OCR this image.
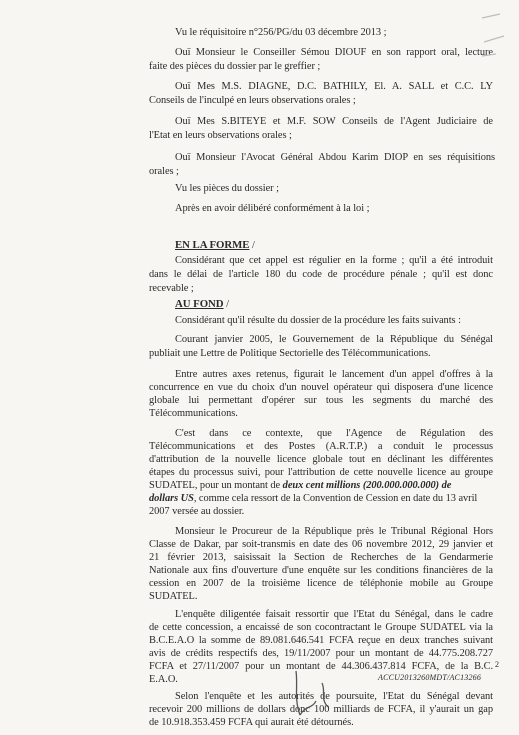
Vu le réquisitoire n°256/PG/du 03 décembre 2013 ;
Ouï Monsieur le Conseiller Sémou DIOUF en son rapport oral, lecture
faite des pièces du dossier par le greffier ;
Ouï Mes M.S. DIAGNE, D.C. BATHILY, El. A. SALL et C.C. LY
Conseils de l'inculpé en leurs observations orales ;
Ouï Mes S.BITEYE et M.F. SOW Conseils de l'Agent Judiciaire de
l'Etat en leurs observations orales ;
Ouï Monsieur l'Avocat Général Abdou Karim DIOP en ses réquisitions
orales ;
Vu les pièces du dossier ;
Après en avoir délibéré conformément à la loi ;
EN LA FORME /
Considérant que cet appel est régulier en la forme ; qu'il a été introduit
dans le délai de l'article 180 du code de procédure pénale ; qu'il est donc
recevable ;
AU FOND /
Considérant qu'il résulte du dossier de la procédure les faits suivants :
Courant janvier 2005, le Gouvernement de la République du Sénégal
publiait une Lettre de Politique Sectorielle des Télécommunications.
Entre autres axes retenus, figurait le lancement d'un appel d'offres à la
concurrence en vue du choix d'un nouvel opérateur qui disposera d'une licence
globale lui permettant d'opérer sur tous les segments du marché des
Télécommunications.
C'est dans ce contexte, que l'Agence de Régulation des
Télécommunications et des Postes (A.R.T.P.) a conduit le processus
d'attribution de la nouvelle licence globale tout en déclinant les différentes
étapes du processus suivi, pour l'attribution de cette nouvelle licence au groupe
SUDATEL, pour un montant de deux cent millions (200.000.000.000) de
dollars US, comme cela ressort de la Convention de Cession en date du 13 avril
2007 versée au dossier.
Monsieur le Procureur de la République près le Tribunal Régional Hors
Classe de Dakar, par soit-transmis en date des 06 novembre 2012, 29 janvier et
21 février 2013, saisissait la Section de Recherches de la Gendarmerie
Nationale aux fins d'ouverture d'une enquête sur les conditions financières de la
cession en 2007 de la troisième licence de téléphonie mobile au Groupe
SUDATEL.
L'enquête diligentée faisait ressortir que l'Etat du Sénégal, dans le cadre
de cette concession, a encaissé de son cocontractant le Groupe SUDATEL via la
B.C.E.A.O la somme de 89.081.646.541 FCFA reçue en deux tranches suivant
avis de crédits respectifs des, 19/11/2007 pour un montant de 44.775.208.727
FCFA et 27/11/2007 pour un montant de 44.306.437.814 FCFA, de la B.C.
E.A.O.
Selon l'enquête et les autorités de poursuite, l'Etat du Sénégal devant
recevoir 200 millions de dollars donc 100 milliards de FCFA, il y'aurait un gap
de 10.918.353.459 FCFA qui aurait été détournés.
2
ACCU2013260MDT/AC13266
